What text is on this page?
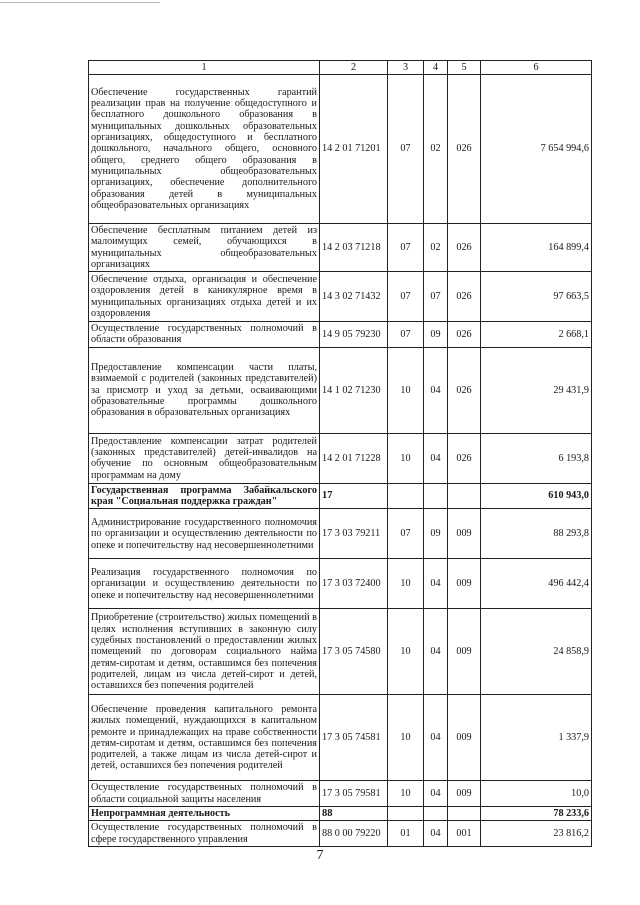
1	2	3	4	5	6
Обеспечение государственных гарантий реализации прав на получение общедоступного и бесплатного дошкольного образования в муниципальных дошкольных образовательных организациях, общедоступного и бесплатного дошкольного, начального общего, основного общего, среднего общего образования в муниципальных общеобразовательных организациях, обеспечение дополнительного образования детей в муниципальных общеобразовательных организациях	14 2 01 71201	07	02	026	7 654 994,6
Обеспечение бесплатным питанием детей из малоимущих семей, обучающихся в муниципальных общеобразовательных организациях	14 2 03 71218	07	02	026	164 899,4
Обеспечение отдыха, организация и обеспечение оздоровления детей в каникулярное время в муниципальных организациях отдыха детей и их оздоровления	14 3 02 71432	07	07	026	97 663,5
Осуществление государственных полномочий в области образования	14 9 05 79230	07	09	026	2 668,1
Предоставление компенсации части платы, взимаемой с родителей (законных представителей) за присмотр и уход за детьми, осваивающими образовательные программы дошкольного образования в образовательных организациях	14 1 02 71230	10	04	026	29 431,9
Предоставление компенсации затрат родителей (законных представителей) детей-инвалидов на обучение по основным общеобразовательным программам на дому	14 2 01 71228	10	04	026	6 193,8
Государственная программа Забайкальского края "Социальная поддержка граждан"	17				610 943,0
Администрирование государственного полномочия по организации и осуществлению деятельности по опеке и попечительству над несовершеннолетними	17 3 03 79211	07	09	009	88 293,8
Реализация государственного полномочия по организации и осуществлению деятельности по опеке и попечительству над несовершеннолетними	17 3 03 72400	10	04	009	496 442,4
Приобретение (строительство) жилых помещений в целях исполнения вступивших в законную силу судебных постановлений о предоставлении жилых помещений по договорам социального найма детям-сиротам и детям, оставшимся без попечения родителей, лицам из числа детей-сирот и детей, оставшихся без попечения родителей	17 3 05 74580	10	04	009	24 858,9
Обеспечение проведения капитального ремонта жилых помещений, нуждающихся в капитальном ремонте и принадлежащих на праве собственности детям-сиротам и детям, оставшимся без попечения родителей, а также лицам из числа детей-сирот и детей, оставшихся без попечения родителей	17 3 05 74581	10	04	009	1 337,9
Осуществление государственных полномочий в области социальной защиты населения	17 3 05 79581	10	04	009	10,0
Непрограммная деятельность	88				78 233,6
Осуществление государственных полномочий в сфере государственного управления	88 0 00 79220	01	04	001	23 816,2
7
